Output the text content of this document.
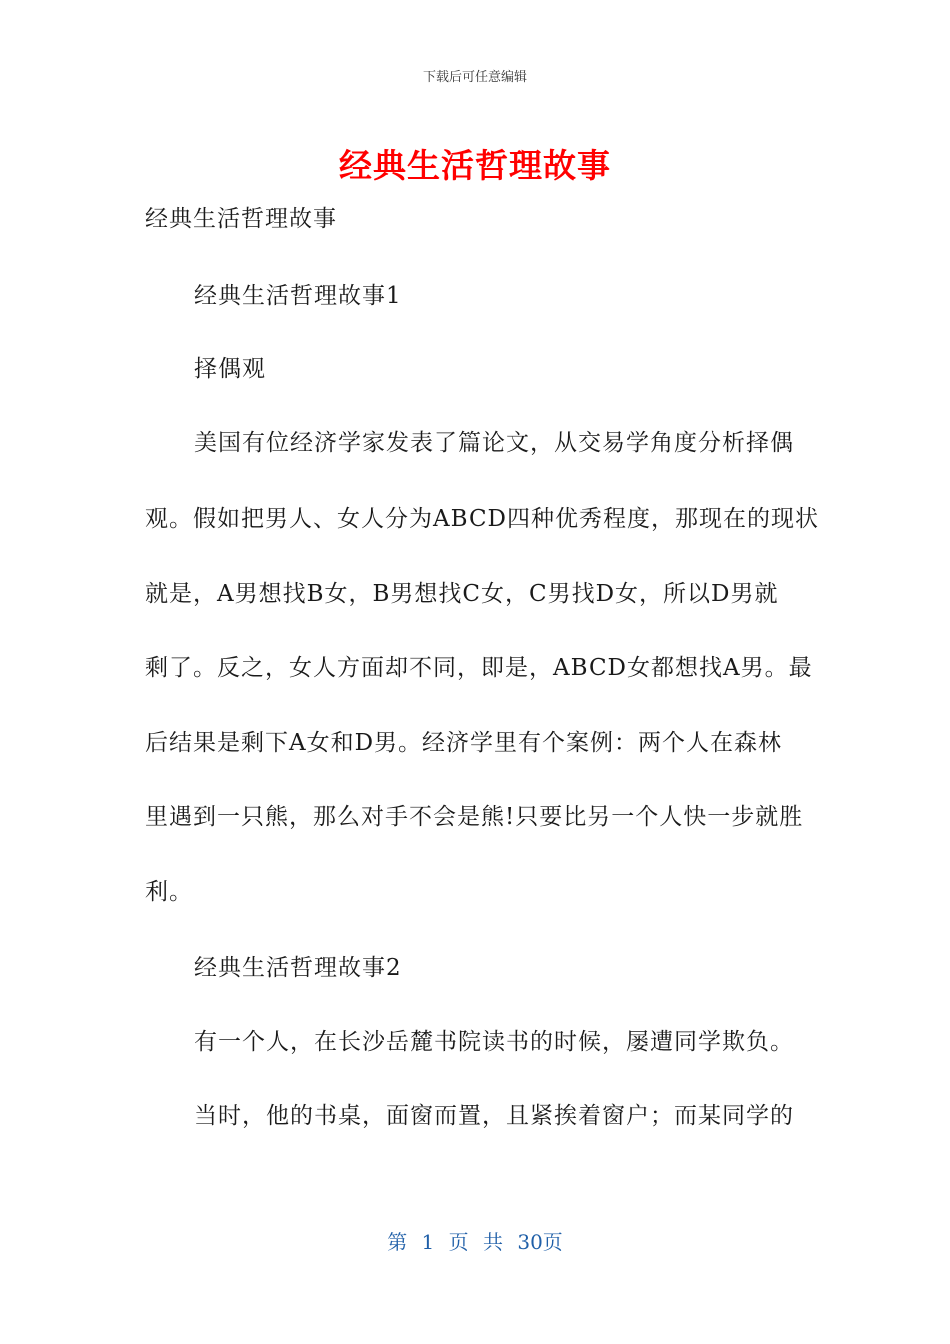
下载后可任意编辑
经典生活哲理故事
经典生活哲理故事
经典生活哲理故事1
择偶观
美国有位经济学家发表了篇论文，从交易学角度分析择偶
观。假如把男人、女人分为ABCD四种优秀程度，那现在的现状
就是，A男想找B女，B男想找C女，C男找D女，所以D男就
剩了。反之，女人方面却不同，即是，ABCD女都想找A男。最
后结果是剩下A女和D男。经济学里有个案例：两个人在森林
里遇到一只熊，那么对手不会是熊!只要比另一个人快一步就胜
利。
经典生活哲理故事2
有一个人，在长沙岳麓书院读书的时候，屡遭同学欺负。
当时，他的书桌，面窗而置，且紧挨着窗户；而某同学的
第 1 页 共 30页
